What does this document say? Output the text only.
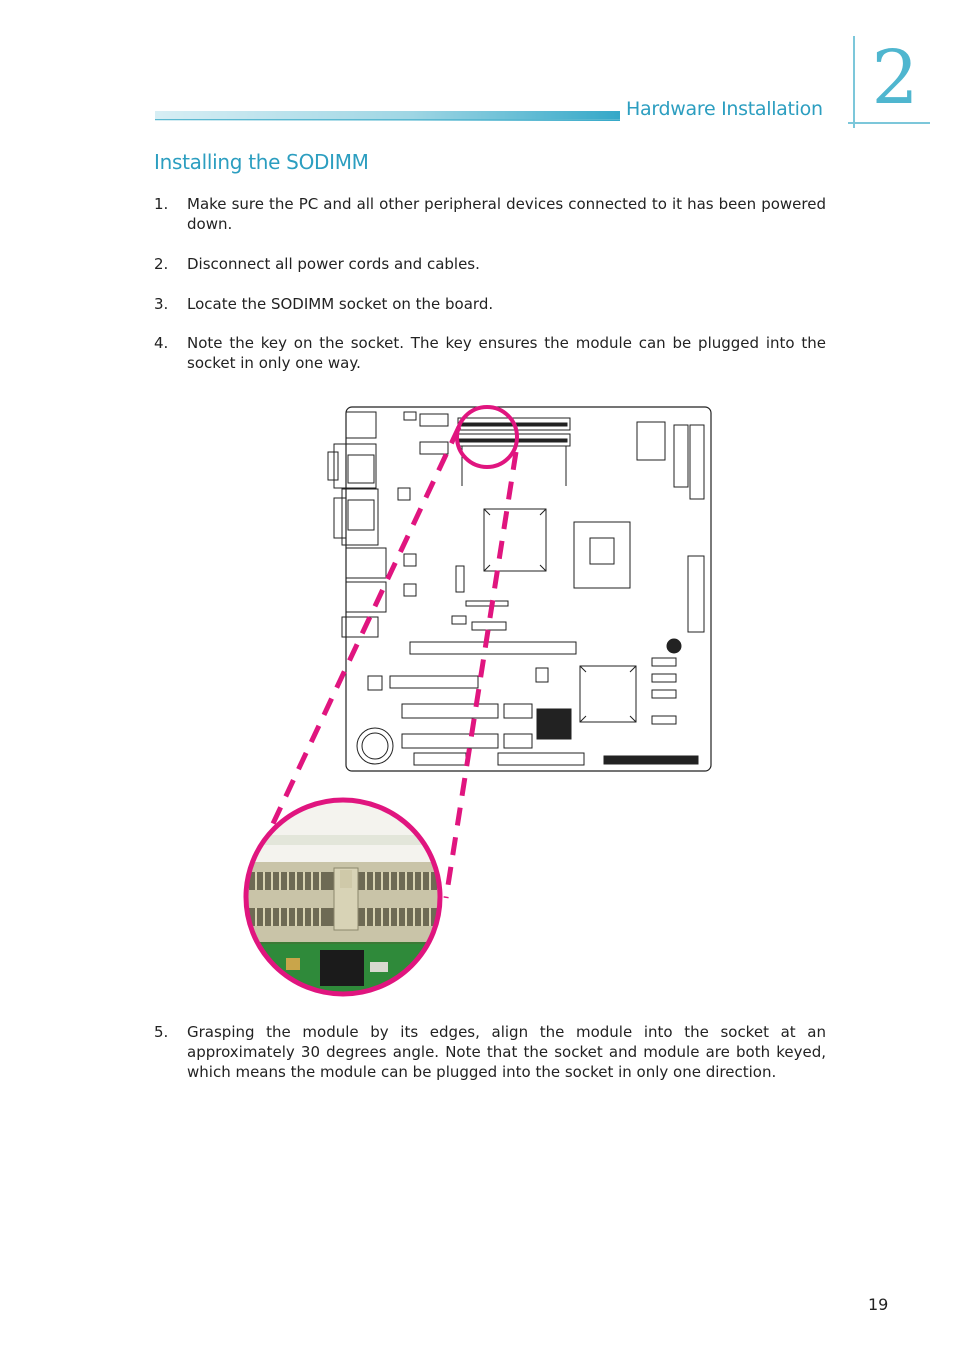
2
Hardware Installation
Installing the SODIMM
1. Make sure the PC and all other peripheral devices connected to it has been powered down.
2. Disconnect all power cords and cables.
3. Locate the SODIMM socket on the board.
4. Note the key on the socket. The key ensures the module can be plugged into the socket in only one way.
5. Grasping the module by its edges, align the module into the socket at an approximately 30 degrees angle. Note that the socket and module are both keyed, which means the module can be plugged into the socket in only one direction.
19
